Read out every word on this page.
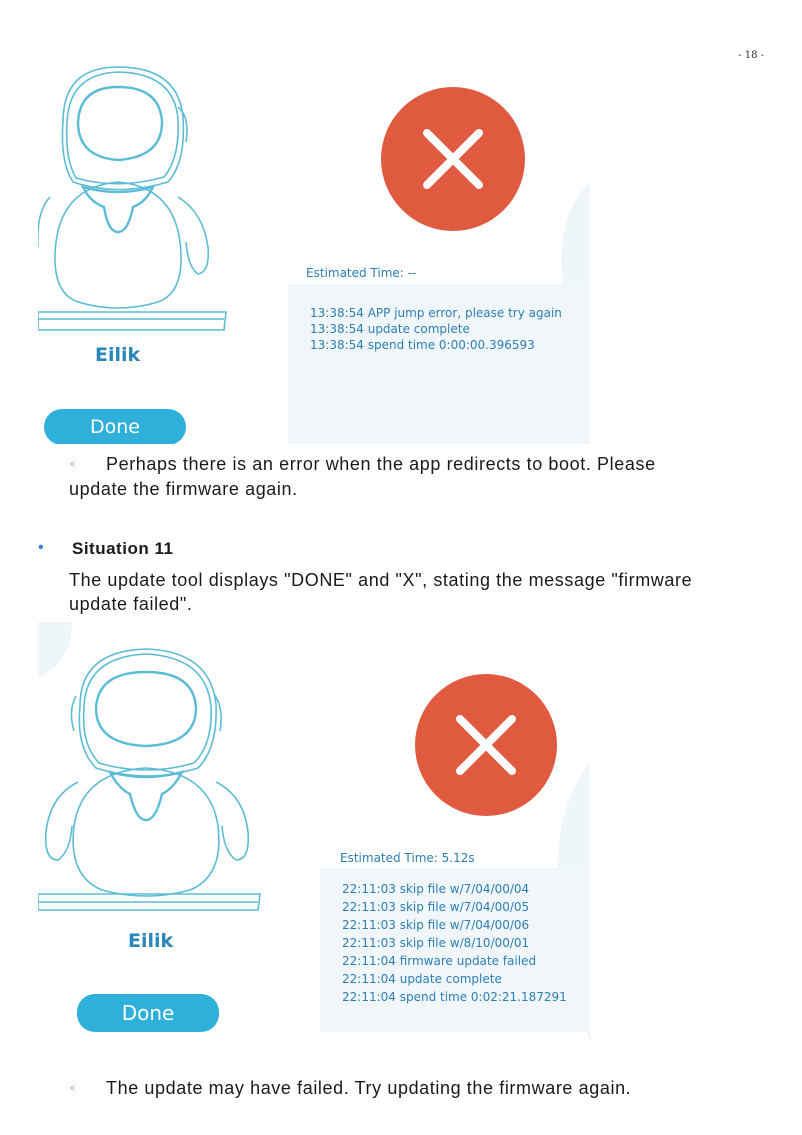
- 18 -
Eilik
Done
Estimated Time: --
13:38:54 APP jump error, please try again
13:38:54 update complete
13:38:54 spend time 0:00:00.396593
◦ Perhaps there is an error when the app redirects to boot. Please
update the firmware again.
• Situation 11
The update tool displays "DONE" and "X", stating the message "firmware
update failed".
Eilik
Done
Estimated Time: 5.12s
22:11:03 skip file w/7/04/00/04
22:11:03 skip file w/7/04/00/05
22:11:03 skip file w/7/04/00/06
22:11:03 skip file w/8/10/00/01
22:11:04 firmware update failed
22:11:04 update complete
22:11:04 spend time 0:02:21.187291
◦ The update may have failed. Try updating the firmware again.
